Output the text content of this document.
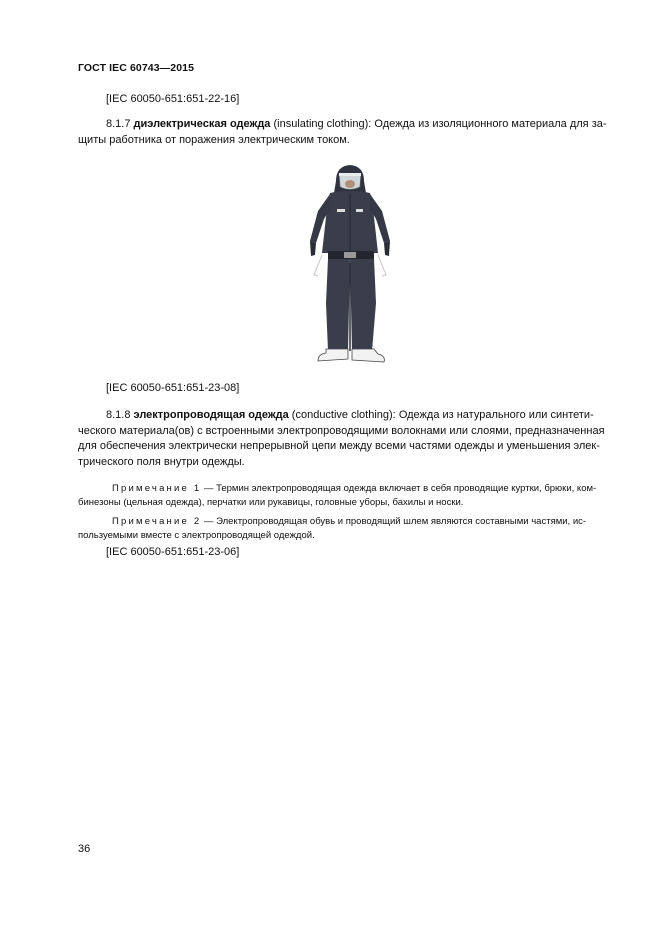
ГОСТ IEC 60743—2015
[IEC 60050-651:651-22-16]
8.1.7 диэлектрическая одежда (insulating clothing): Одежда из изоляционного материала для за-
щиты работника от поражения электрическим током.
[IEC 60050-651:651-23-08]
8.1.8 электропроводящая одежда (conductive clothing): Одежда из натурального или синтети-
ческого материала(ов) с встроенными электропроводящими волокнами или слоями, предназначенная
для обеспечения электрически непрерывной цепи между всеми частями одежды и уменьшения элек-
трического поля внутри одежды.
Примечание 1 — Термин электропроводящая одежда включает в себя проводящие куртки, брюки, ком-
бинезоны (цельная одежда), перчатки или рукавицы, головные уборы, бахилы и носки.
Примечание 2 — Электропроводящая обувь и проводящий шлем являются составными частями, ис-
пользуемыми вместе с электропроводящей одеждой.
[IEC 60050-651:651-23-06]
36
